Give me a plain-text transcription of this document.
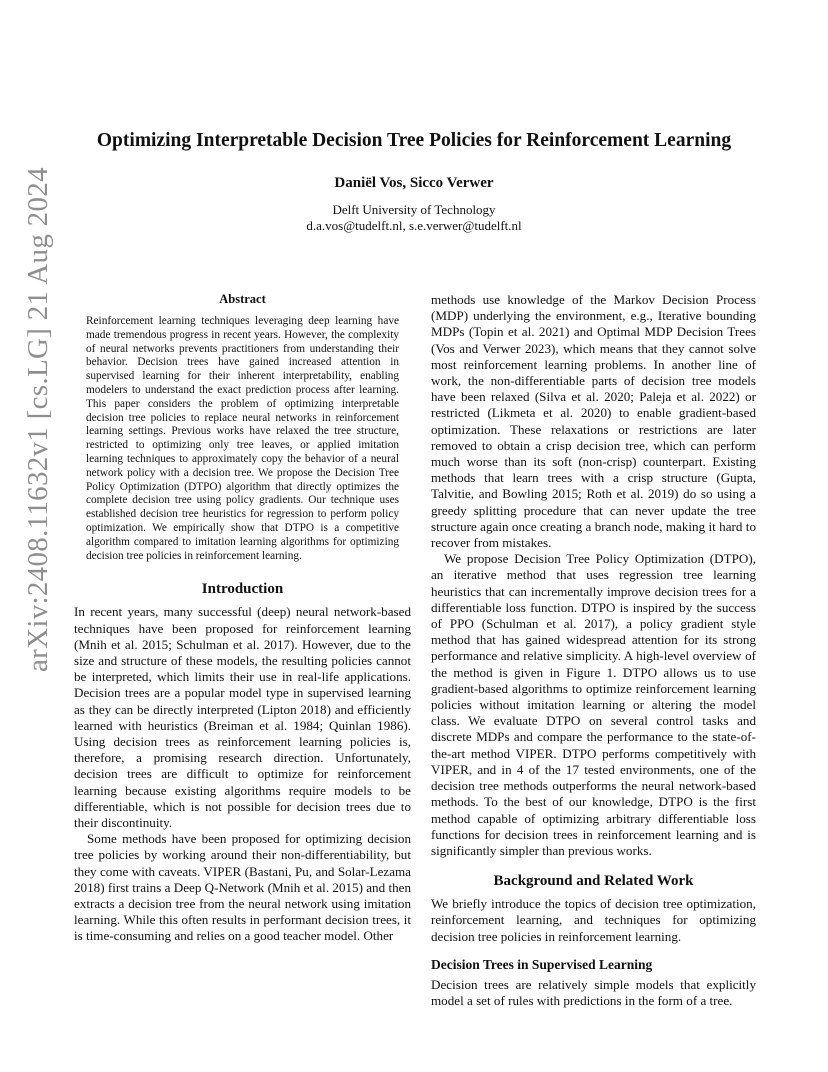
arXiv:2408.11632v1 [cs.LG] 21 Aug 2024
Optimizing Interpretable Decision Tree Policies for Reinforcement Learning
Daniël Vos, Sicco Verwer
Delft University of Technology
d.a.vos@tudelft.nl, s.e.verwer@tudelft.nl

Abstract

Reinforcement learning techniques leveraging deep learning have made tremendous progress in recent years. However, the complexity of neural networks prevents practitioners from understanding their behavior. Decision trees have gained increased attention in supervised learning for their inherent interpretability, enabling modelers to understand the exact prediction process after learning. This paper considers the problem of optimizing interpretable decision tree policies to replace neural networks in reinforcement learning settings. Previous works have relaxed the tree structure, restricted to optimizing only tree leaves, or applied imitation learning techniques to approximately copy the behavior of a neural network policy with a decision tree. We propose the Decision Tree Policy Optimization (DTPO) algorithm that directly optimizes the complete decision tree using policy gradients. Our technique uses established decision tree heuristics for regression to perform policy optimization. We empirically show that DTPO is a competitive algorithm compared to imitation learning algorithms for optimizing decision tree policies in reinforcement learning.

Introduction

In recent years, many successful (deep) neural network-based techniques have been proposed for reinforcement learning (Mnih et al. 2015; Schulman et al. 2017). However, due to the size and structure of these models, the resulting policies cannot be interpreted, which limits their use in real-life applications. Decision trees are a popular model type in supervised learning as they can be directly interpreted (Lipton 2018) and efficiently learned with heuristics (Breiman et al. 1984; Quinlan 1986). Using decision trees as reinforcement learning policies is, therefore, a promising research direction. Unfortunately, decision trees are difficult to optimize for reinforcement learning because existing algorithms require models to be differentiable, which is not possible for decision trees due to their discontinuity.

Some methods have been proposed for optimizing decision tree policies by working around their non-differentiability, but they come with caveats. VIPER (Bastani, Pu, and Solar-Lezama 2018) first trains a Deep Q-Network (Mnih et al. 2015) and then extracts a decision tree from the neural network using imitation learning. While this often results in performant decision trees, it is time-consuming and relies on a good teacher model. Other

methods use knowledge of the Markov Decision Process (MDP) underlying the environment, e.g., Iterative bounding MDPs (Topin et al. 2021) and Optimal MDP Decision Trees (Vos and Verwer 2023), which means that they cannot solve most reinforcement learning problems. In another line of work, the non-differentiable parts of decision tree models have been relaxed (Silva et al. 2020; Paleja et al. 2022) or restricted (Likmeta et al. 2020) to enable gradient-based optimization. These relaxations or restrictions are later removed to obtain a crisp decision tree, which can perform much worse than its soft (non-crisp) counterpart. Existing methods that learn trees with a crisp structure (Gupta, Talvitie, and Bowling 2015; Roth et al. 2019) do so using a greedy splitting procedure that can never update the tree structure again once creating a branch node, making it hard to recover from mistakes.

We propose Decision Tree Policy Optimization (DTPO), an iterative method that uses regression tree learning heuristics that can incrementally improve decision trees for a differentiable loss function. DTPO is inspired by the success of PPO (Schulman et al. 2017), a policy gradient style method that has gained widespread attention for its strong performance and relative simplicity. A high-level overview of the method is given in Figure 1. DTPO allows us to use gradient-based algorithms to optimize reinforcement learning policies without imitation learning or altering the model class. We evaluate DTPO on several control tasks and discrete MDPs and compare the performance to the state-of-the-art method VIPER. DTPO performs competitively with VIPER, and in 4 of the 17 tested environments, one of the decision tree methods outperforms the neural network-based methods. To the best of our knowledge, DTPO is the first method capable of optimizing arbitrary differentiable loss functions for decision trees in reinforcement learning and is significantly simpler than previous works.

Background and Related Work

We briefly introduce the topics of decision tree optimization, reinforcement learning, and techniques for optimizing decision tree policies in reinforcement learning.

Decision Trees in Supervised Learning

Decision trees are relatively simple models that explicitly model a set of rules with predictions in the form of a tree.
